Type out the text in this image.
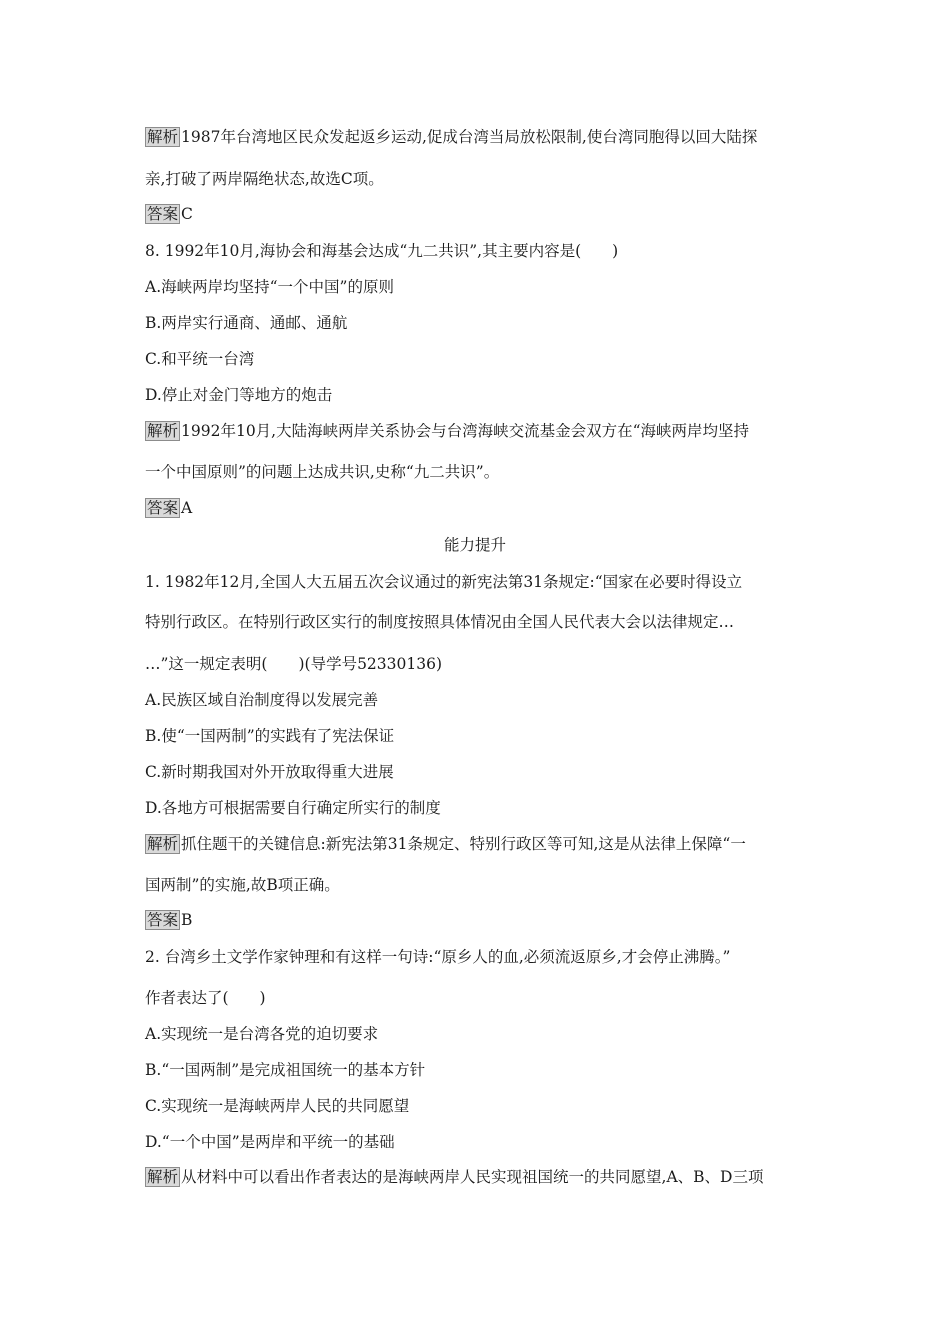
解析 1987年台湾地区民众发起返乡运动,促成台湾当局放松限制,使台湾同胞得以回大陆探
亲,打破了两岸隔绝状态,故选C项。
答案 C
8. 1992年10月,海协会和海基会达成“九二共识”,其主要内容是(　　)
A.海峡两岸均坚持“一个中国”的原则
B.两岸实行通商、通邮、通航
C.和平统一台湾
D.停止对金门等地方的炮击
解析 1992年10月,大陆海峡两岸关系协会与台湾海峡交流基金会双方在“海峡两岸均坚持
一个中国原则”的问题上达成共识,史称“九二共识”。
答案 A
能力提升
1. 1982年12月,全国人大五届五次会议通过的新宪法第31条规定:“国家在必要时得设立
特别行政区。在特别行政区实行的制度按照具体情况由全国人民代表大会以法律规定…
…”这一规定表明(　　)(导学号52330136)
A.民族区域自治制度得以发展完善
B.使“一国两制”的实践有了宪法保证
C.新时期我国对外开放取得重大进展
D.各地方可根据需要自行确定所实行的制度
解析 抓住题干的关键信息:新宪法第31条规定、特别行政区等可知,这是从法律上保障“一
国两制”的实施,故B项正确。
答案 B
2. 台湾乡土文学作家钟理和有这样一句诗:“原乡人的血,必须流返原乡,才会停止沸腾。”
作者表达了(　　)
A.实现统一是台湾各党的迫切要求
B.“一国两制”是完成祖国统一的基本方针
C.实现统一是海峡两岸人民的共同愿望
D.“一个中国”是两岸和平统一的基础
解析 从材料中可以看出作者表达的是海峡两岸人民实现祖国统一的共同愿望,A、B、D三项
